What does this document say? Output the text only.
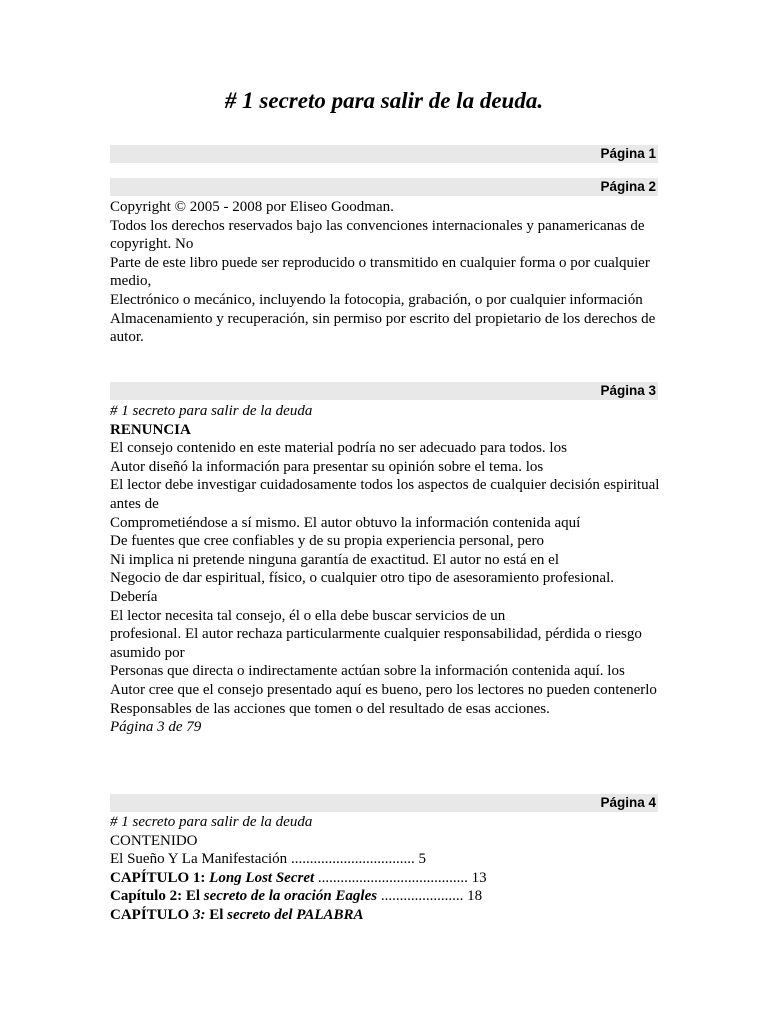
# 1 secreto para salir de la deuda.
Página 1
Página 2

Copyright © 2005 - 2008 por Eliseo Goodman.

Todos los derechos reservados bajo las convenciones internacionales y panamericanas de copyright. No

Parte de este libro puede ser reproducido o transmitido en cualquier forma o por cualquier medio,

Electrónico o mecánico, incluyendo la fotocopia, grabación, o por cualquier información

Almacenamiento y recuperación, sin permiso por escrito del propietario de los derechos de autor.

Página 3

# 1 secreto para salir de la deuda

RENUNCIA

El consejo contenido en este material podría no ser adecuado para todos. los

Autor diseñó la información para presentar su opinión sobre el tema. los

El lector debe investigar cuidadosamente todos los aspectos de cualquier decisión espiritual antes de

Comprometiéndose a sí mismo. El autor obtuvo la información contenida aquí

De fuentes que cree confiables y de su propia experiencia personal, pero

Ni implica ni pretende ninguna garantía de exactitud. El autor no está en el

Negocio de dar espiritual, físico, o cualquier otro tipo de asesoramiento profesional. Debería

El lector necesita tal consejo, él o ella debe buscar servicios de un

profesional. El autor rechaza particularmente cualquier responsabilidad, pérdida o riesgo asumido por

Personas que directa o indirectamente actúan sobre la información contenida aquí. los

Autor cree que el consejo presentado aquí es bueno, pero los lectores no pueden contenerlo

Responsables de las acciones que tomen o del resultado de esas acciones.

Página 3 de 79

Página 4

# 1 secreto para salir de la deuda

CONTENIDO

El Sueño Y La Manifestación ................................. 5

CAPÍTULO 1: Long Lost Secret ........................................ 13

Capítulo 2: El secreto de la oración Eagles ...................... 18

CAPÍTULO 3: El secreto del PALABRA
